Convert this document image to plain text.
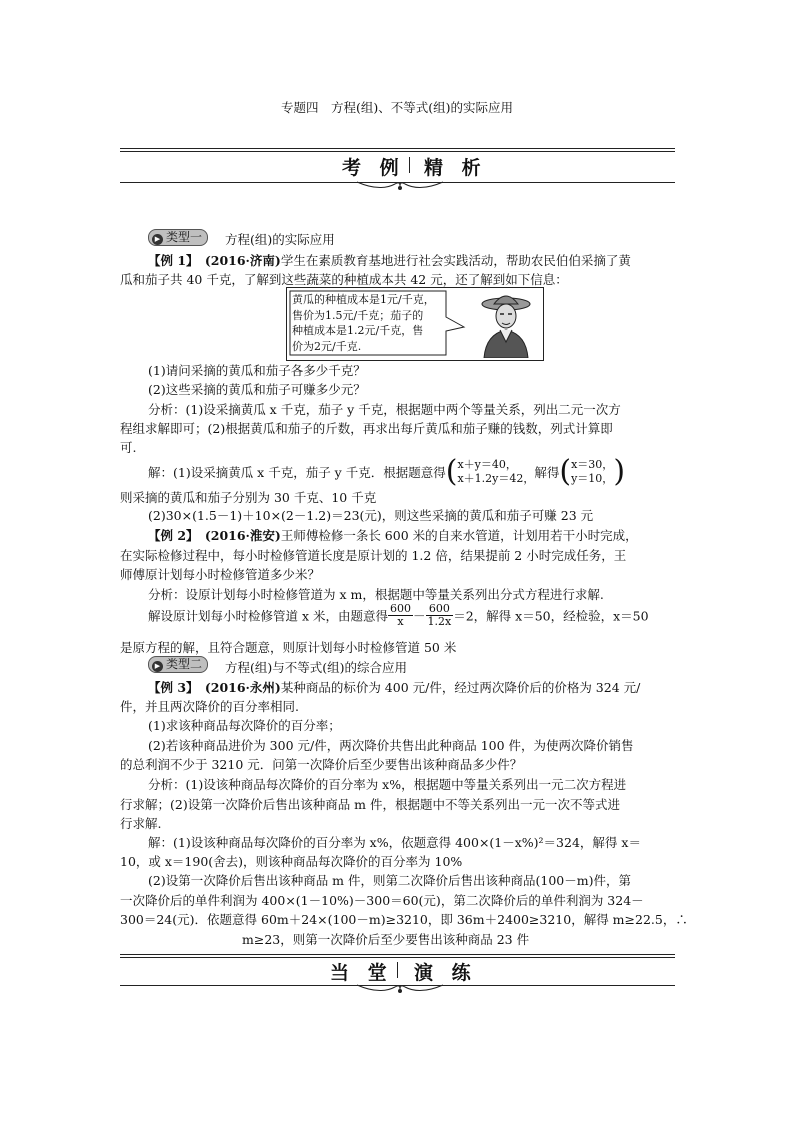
专题四　方程(组)、不等式(组)的实际应用
考 例 精 析
▶ 类型一	方程(组)的实际应用
【例 1】　 (2016·济南)学生在素质教育基地进行社会实践活动，帮助农民伯伯采摘了黄
瓜和茄子共 40 千克，了解到这些蔬菜的种植成本共 42 元，还了解到如下信息：
黄瓜的种植成本是1元/千克，
售价为1.5元/千克；茄子的
种植成本是1.2元/千克，售
价为2元/千克.
(1)请问采摘的黄瓜和茄子各多少千克？
(2)这些采摘的黄瓜和茄子可赚多少元？
分析：(1)设采摘黄瓜 x 千克，茄子 y 千克，根据题中两个等量关系，列出二元一次方
程组求解即可；(2)根据黄瓜和茄子的斤数，再求出每斤黄瓜和茄子赚的钱数，列式计算即
可.
解：(1)设采摘黄瓜 x 千克，茄子 y 千克．根据题意得( x＋y＝40，
x＋1.2y＝42， 解得( x＝30，
y＝10， )
则采摘的黄瓜和茄子分别为 30 千克、10 千克
(2)30×(1.5－1)＋10×(2－1.2)＝23(元)，则这些采摘的黄瓜和茄子可赚 23 元
【例 2】　 (2016·淮安)王师傅检修一条长 600 米的自来水管道，计划用若干小时完成，
在实际检修过程中，每小时检修管道长度是原计划的 1.2 倍，结果提前 2 小时完成任务，王
师傅原计划每小时检修管道多少米？
分析：设原计划每小时检修管道为 x m，根据题中等量关系列出分式方程进行求解.
解设原计划每小时检修管道 x 米，由题意得 $\frac{600}{x} - \frac{600}{1.2x} =2$，解得 x＝50，经检验，x＝50
是原方程的解，且符合题意，则原计划每小时检修管道 50 米
▶ 类型二	方程(组)与不等式(组)的综合应用
【例 3】　 (2016·永州)某种商品的标价为 400 元/件，经过两次降价后的价格为 324 元/
件，并且两次降价的百分率相同.
(1)求该种商品每次降价的百分率；
(2)若该种商品进价为 300 元/件，两次降价共售出此种商品 100 件，为使两次降价销售
的总利润不少于 3210 元．问第一次降价后至少要售出该种商品多少件？
分析：(1)设该种商品每次降价的百分率为 x%，根据题中等量关系列出一元二次方程进
行求解；(2)设第一次降价后售出该种商品 m 件，根据题中不等关系列出一元一次不等式进
行求解.
解：(1)设该种商品每次降价的百分率为 x%，依题意得 400×(1－x%)²＝324，解得 x＝
10，或 x＝190(舍去)，则该种商品每次降价的百分率为 10%
(2)设第一次降价后售出该种商品 m 件，则第二次降价后售出该种商品(100－m)件，第
一次降价后的单件利润为 400×(1－10%)－300＝60(元)，第二次降价后的单件利润为 324－
300＝24(元)．依题意得 60m＋24×(100－m)≥3210，即 36m＋2400≥3210，解得 m≥22.5，∴
m≥23，则第一次降价后至少要售出该种商品 23 件
当 堂 演 练
